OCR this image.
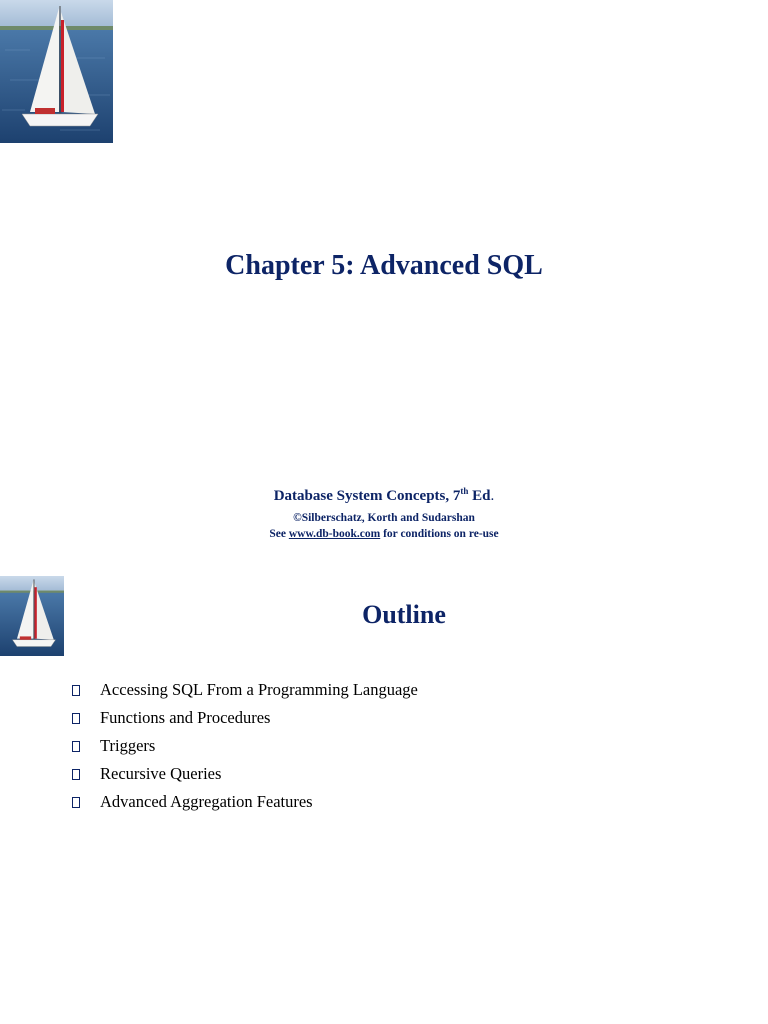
Chapter 5: Advanced SQL
Database System Concepts, 7th Ed.
©Silberschatz, Korth and Sudarshan
See www.db-book.com for conditions on re-use
Outline
Accessing SQL From a Programming Language
Functions and Procedures
Triggers
Recursive Queries
Advanced Aggregation Features
